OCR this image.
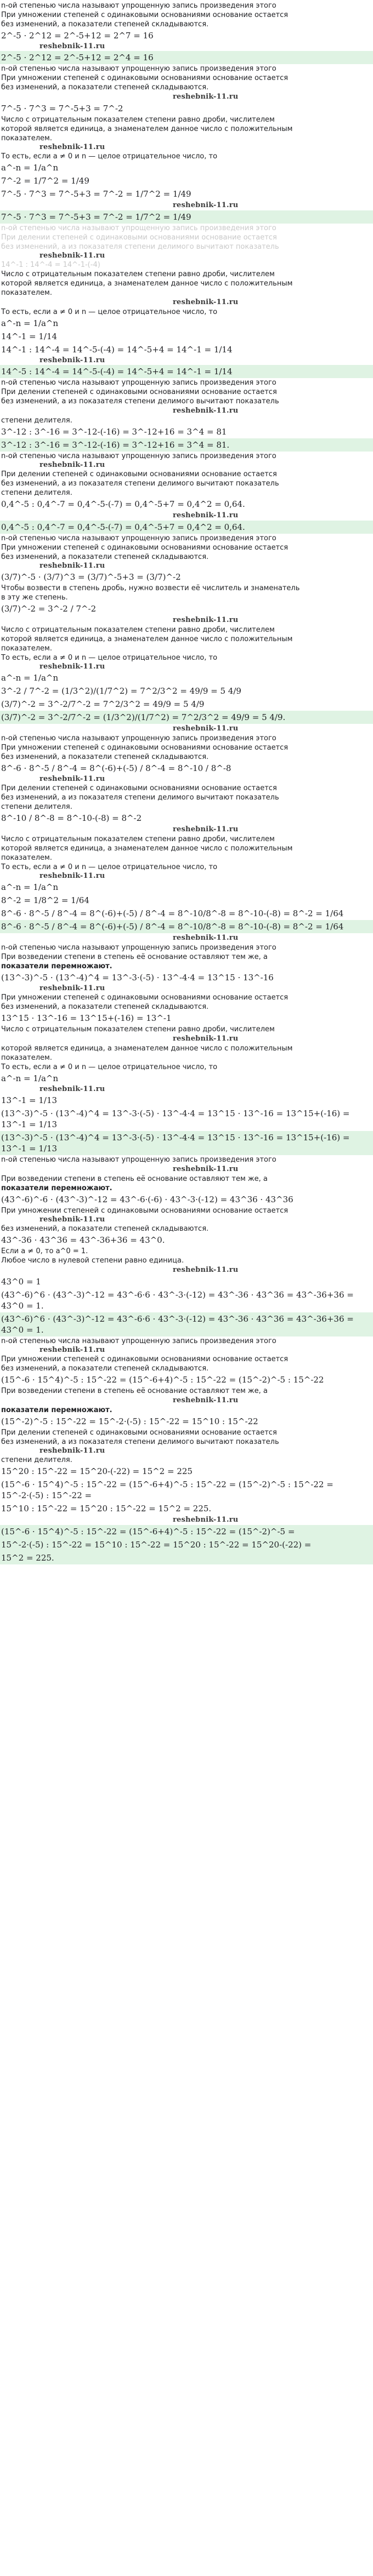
n-ой степенью числа называют упрощенную запись произведения этого
При умножении степеней с одинаковыми основаниями основание остается
без изменений, а показатели степеней складываются.
2^-5 · 2^12 = 2^-5+12 = 2^7 = 16
reshebnik-11.ru
2^-5 · 2^12 = 2^-5+12 = 2^4 = 16
n-ой степенью числа называют упрощенную запись произведения этого
При умножении степеней с одинаковыми основаниями основание остается
без изменений, а показатели степеней складываются.
reshebnik-11.ru
7^-5 · 7^3 = 7^-5+3 = 7^-2
Число с отрицательным показателем степени равно дроби, числителем
которой является единица, а знаменателем данное число с положительным
показателем.
reshebnik-11.ru
То есть, если a ≠ 0 и n — целое отрицательное число, то
a^-n = 1/a^n
7^-2 = 1/7^2 = 1/49
7^-5 · 7^3 = 7^-5+3 = 7^-2 = 1/7^2 = 1/49
reshebnik-11.ru
7^-5 · 7^3 = 7^-5+3 = 7^-2 = 1/7^2 = 1/49
n-ой степенью числа называют упрощенную запись произведения этого
При делении степеней с одинаковыми основаниями основание остается
без изменений, а из показателя степени делимого вычитают показатель
reshebnik-11.ru
14^-1 : 14^-4 = 14^-1-(-4)
Число с отрицательным показателем степени равно дроби, числителем
которой является единица, а знаменателем данное число с положительным
показателем.
reshebnik-11.ru
То есть, если a ≠ 0 и n — целое отрицательное число, то
a^-n = 1/a^n
14^-1 = 1/14
14^-1 : 14^-4 = 14^-5-(-4) = 14^-5+4 = 14^-1 = 1/14
reshebnik-11.ru
14^-5 : 14^-4 = 14^-5-(-4) = 14^-5+4 = 14^-1 = 1/14
n-ой степенью числа называют упрощенную запись произведения этого
При делении степеней с одинаковыми основаниями основание остается
без изменений, а из показателя степени делимого вычитают показатель
reshebnik-11.ru
степени делителя.
3^-12 : 3^-16 = 3^-12-(-16) = 3^-12+16 = 3^4 = 81
3^-12 : 3^-16 = 3^-12-(-16) = 3^-12+16 = 3^4 = 81.
n-ой степенью числа называют упрощенную запись произведения этого
reshebnik-11.ru
При делении степеней с одинаковыми основаниями основание остается
без изменений, а из показателя степени делимого вычитают показатель
степени делителя.
0,4^-5 : 0,4^-7 = 0,4^-5-(-7) = 0,4^-5+7 = 0,4^2 = 0,64.
reshebnik-11.ru
0,4^-5 : 0,4^-7 = 0,4^-5-(-7) = 0,4^-5+7 = 0,4^2 = 0,64.
n-ой степенью числа называют упрощенную запись произведения этого
При умножении степеней с одинаковыми основаниями основание остается
без изменений, а показатели степеней складываются.
reshebnik-11.ru
(3/7)^-5 · (3/7)^3 = (3/7)^-5+3 = (3/7)^-2
Чтобы возвести в степень дробь, нужно возвести её числитель и знаменатель
в эту же степень.
(3/7)^-2 = 3^-2 / 7^-2
reshebnik-11.ru
Число с отрицательным показателем степени равно дроби, числителем
которой является единица, а знаменателем данное число с положительным
показателем.
То есть, если a ≠ 0 и n — целое отрицательное число, то
reshebnik-11.ru
a^-n = 1/a^n
3^-2 / 7^-2 = (1/3^2)/(1/7^2) = 7^2/3^2 = 49/9 = 5 4/9
(3/7)^-2 = 3^-2/7^-2 = 7^2/3^2 = 49/9 = 5 4/9
(3/7)^-2 = 3^-2/7^-2 = (1/3^2)/(1/7^2) = 7^2/3^2 = 49/9 = 5 4/9.
reshebnik-11.ru
n-ой степенью числа называют упрощенную запись произведения этого
При умножении степеней с одинаковыми основаниями основание остается
без изменений, а показатели степеней складываются.
8^-6 · 8^-5 / 8^-4 = 8^(-6)+(-5) / 8^-4 = 8^-10 / 8^-8
reshebnik-11.ru
При делении степеней с одинаковыми основаниями основание остается
без изменений, а из показателя степени делимого вычитают показатель
степени делителя.
8^-10 / 8^-8 = 8^-10-(-8) = 8^-2
reshebnik-11.ru
Число с отрицательным показателем степени равно дроби, числителем
которой является единица, а знаменателем данное число с положительным
показателем.
То есть, если a ≠ 0 и n — целое отрицательное число, то
reshebnik-11.ru
a^-n = 1/a^n
8^-2 = 1/8^2 = 1/64
8^-6 · 8^-5 / 8^-4 = 8^(-6)+(-5) / 8^-4 = 8^-10/8^-8 = 8^-10-(-8) = 8^-2 = 1/64
8^-6 · 8^-5 / 8^-4 = 8^(-6)+(-5) / 8^-4 = 8^-10/8^-8 = 8^-10-(-8) = 8^-2 = 1/64
reshebnik-11.ru
n-ой степенью числа называют упрощенную запись произведения этого
При возведении степени в степень её основание оставляют тем же, а
показатели перемножают.
(13^-3)^-5 · (13^-4)^4 = 13^-3·(-5) · 13^-4·4 = 13^15 · 13^-16
reshebnik-11.ru
При умножении степеней с одинаковыми основаниями основание остается
без изменений, а показатели степеней складываются.
13^15 · 13^-16 = 13^15+(-16) = 13^-1
Число с отрицательным показателем степени равно дроби, числителем
reshebnik-11.ru
которой является единица, а знаменателем данное число с положительным
показателем.
То есть, если a ≠ 0 и n — целое отрицательное число, то
a^-n = 1/a^n
reshebnik-11.ru
13^-1 = 1/13
(13^-3)^-5 · (13^-4)^4 = 13^-3·(-5) · 13^-4·4 = 13^15 · 13^-16 = 13^15+(-16) = 13^-1 = 1/13
(13^-3)^-5 · (13^-4)^4 = 13^-3·(-5) · 13^-4·4 = 13^15 · 13^-16 = 13^15+(-16) = 13^-1 = 1/13
n-ой степенью числа называют упрощенную запись произведения этого
reshebnik-11.ru
При возведении степени в степень её основание оставляют тем же, а
показатели перемножают.
(43^-6)^-6 · (43^-3)^-12 = 43^-6·(-6) · 43^-3·(-12) = 43^36 · 43^36
При умножении степеней с одинаковыми основаниями основание остается
reshebnik-11.ru
без изменений, а показатели степеней складываются.
43^-36 · 43^36 = 43^-36+36 = 43^0.
Если a ≠ 0, то a^0 = 1.
Любое число в нулевой степени равно единица.
reshebnik-11.ru
43^0 = 1
(43^-6)^6 · (43^-3)^-12 = 43^-6·6 · 43^-3·(-12) = 43^-36 · 43^36 = 43^-36+36 = 43^0 = 1.
(43^-6)^6 · (43^-3)^-12 = 43^-6·6 · 43^-3·(-12) = 43^-36 · 43^36 = 43^-36+36 = 43^0 = 1.
n-ой степенью числа называют упрощенную запись произведения этого
reshebnik-11.ru
При умножении степеней с одинаковыми основаниями основание остается
без изменений, а показатели степеней складываются.
(15^-6 · 15^4)^-5 : 15^-22 = (15^-6+4)^-5 : 15^-22 = (15^-2)^-5 : 15^-22
При возведении степени в степень её основание оставляют тем же, а
reshebnik-11.ru
показатели перемножают.
(15^-2)^-5 : 15^-22 = 15^-2·(-5) : 15^-22 = 15^10 : 15^-22
При делении степеней с одинаковыми основаниями основание остается
без изменений, а из показателя степени делимого вычитают показатель
reshebnik-11.ru
степени делителя.
15^20 : 15^-22 = 15^20-(-22) = 15^2 = 225
(15^-6 · 15^4)^-5 : 15^-22 = (15^-6+4)^-5 : 15^-22 = (15^-2)^-5 : 15^-22 = 15^-2·(-5) : 15^-22 =
15^10 : 15^-22 = 15^20 : 15^-22 = 15^2 = 225.
reshebnik-11.ru
(15^-6 · 15^4)^-5 : 15^-22 = (15^-6+4)^-5 : 15^-22 = (15^-2)^-5 =
15^-2·(-5) : 15^-22 = 15^10 : 15^-22 = 15^20 : 15^-22 = 15^20-(-22) =
15^2 = 225.
